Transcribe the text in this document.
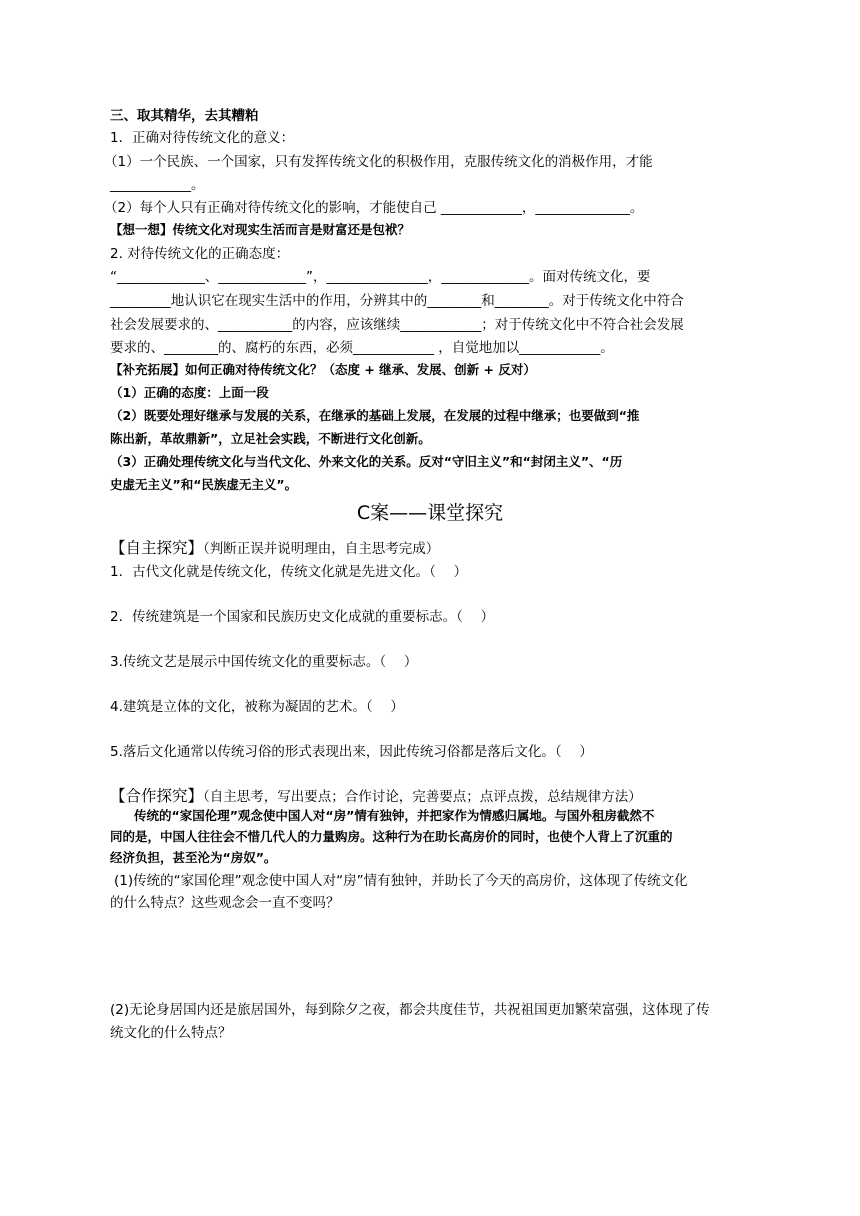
三、取其精华，去其糟粕
1．正确对待传统文化的意义：
（1）一个民族、一个国家，只有发挥传统文化的积极作用，克服传统文化的消极作用，才能
____________。
（2）每个人只有正确对待传统文化的影响，才能使自己 ____________，______________。
【想一想】传统文化对现实生活而言是财富还是包袱？
2. 对待传统文化的正确态度：
“_____________、_____________”，_______________，_____________。面对传统文化，要
_________地认识它在现实生活中的作用，分辨其中的________和________。对于传统文化中符合
社会发展要求的、___________的内容，应该继续____________；对于传统文化中不符合社会发展
要求的、________的、腐朽的东西，必须____________ ，自觉地加以____________。
【补充拓展】如何正确对待传统文化？（态度 + 继承、发展、创新 + 反对）
（1）正确的态度：上面一段
（2）既要处理好继承与发展的关系，在继承的基础上发展，在发展的过程中继承；也要做到“推
陈出新，革故鼎新”，立足社会实践，不断进行文化创新。
（3）正确处理传统文化与当代文化、外来文化的关系。反对“守旧主义”和“封闭主义”、“历
史虚无主义”和“民族虚无主义”。
C案——课堂探究
【自主探究】（判断正误并说明理由，自主思考完成）
1．古代文化就是传统文化，传统文化就是先进文化。（　 ）
2．传统建筑是一个国家和民族历史文化成就的重要标志。（　 ）
3.传统文艺是展示中国传统文化的重要标志。（　 ）
4.建筑是立体的文化，被称为凝固的艺术。（　 ）
5.落后文化通常以传统习俗的形式表现出来，因此传统习俗都是落后文化。（　 ）
【合作探究】（自主思考，写出要点；合作讨论，完善要点；点评点拨，总结规律方法）
传统的“家国伦理”观念使中国人对“房”情有独钟，并把家作为情感归属地。与国外租房截然不
同的是，中国人往往会不惜几代人的力量购房。这种行为在助长高房价的同时，也使个人背上了沉重的
经济负担，甚至沦为“房奴”。
(1)传统的“家国伦理”观念使中国人对“房”情有独钟，并助长了今天的高房价，这体现了传统文化
的什么特点？这些观念会一直不变吗？
(2)无论身居国内还是旅居国外，每到除夕之夜，都会共度佳节，共祝祖国更加繁荣富强，这体现了传
统文化的什么特点？
